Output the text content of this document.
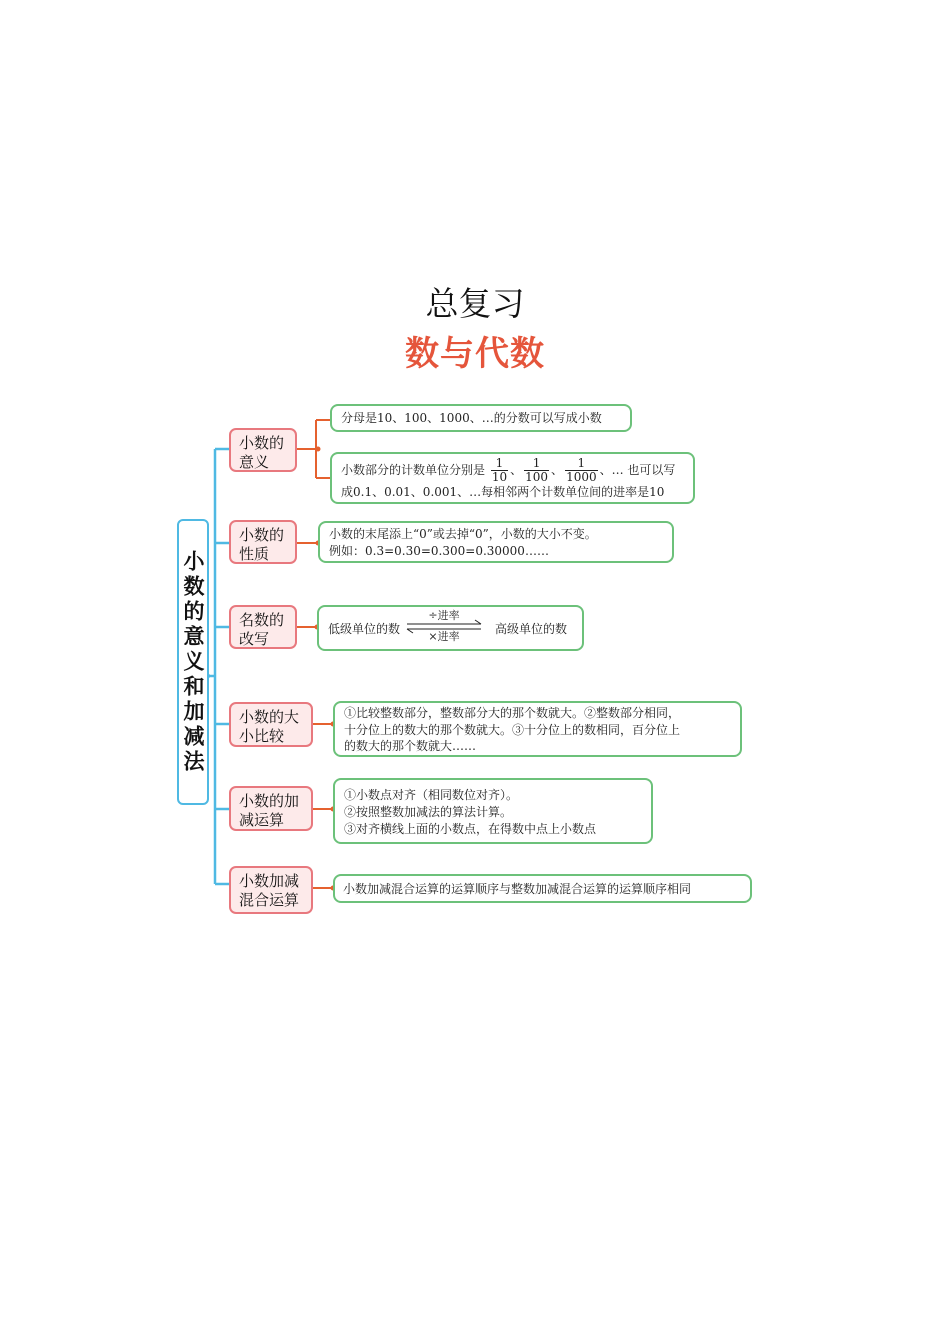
总复习
数与代数
小数的意义和加减法
小数的
意义
小数的
性质
名数的
改写
小数的大
小比较
小数的加
减运算
小数加减
混合运算
分母是10、100、1000、…的分数可以写成小数
小数部分的计数单位分别是 $\frac{1}{10}$ 、 $\frac{1}{100}$ 、 $\frac{1}{1000}$ 、… 也可以写
成0.1、0.01、0.001、…每相邻两个计数单位间的进率是10
小数的末尾添上“0”或去掉“0”，小数的大小不变。
例如：0.3=0.30=0.300=0.30000……
低级单位的数
÷进率
×进率
高级单位的数
①比较整数部分，整数部分大的那个数就大。②整数部分相同，
十分位上的数大的那个数就大。③十分位上的数相同，百分位上
的数大的那个数就大……
①小数点对齐（相同数位对齐）。
②按照整数加减法的算法计算。
③对齐横线上面的小数点，在得数中点上小数点
小数加减混合运算的运算顺序与整数加减混合运算的运算顺序相同
